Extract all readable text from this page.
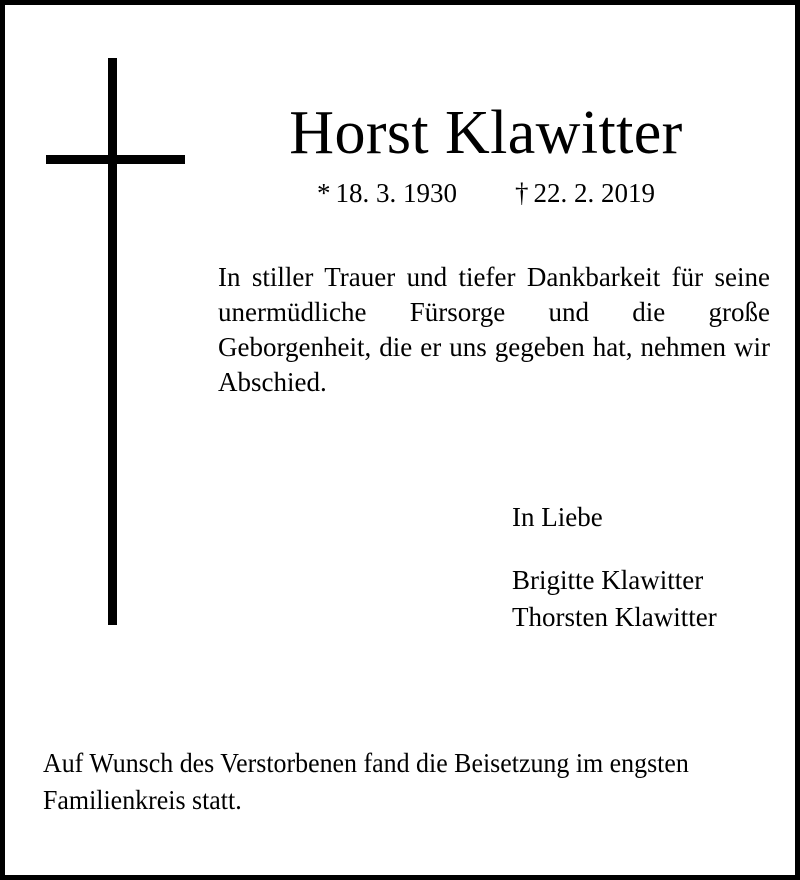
Horst Klawitter
* 18. 3. 1930 † 22. 2. 2019

In stiller Trauer und tiefer Dankbarkeit für seine unermüdliche Fürsorge und die große Geborgenheit, die er uns gegeben hat, nehmen wir Abschied.

In Liebe

Brigitte Klawitter

Thorsten Klawitter

Auf Wunsch des Verstorbenen fand die Beisetzung im engsten Familienkreis statt.
